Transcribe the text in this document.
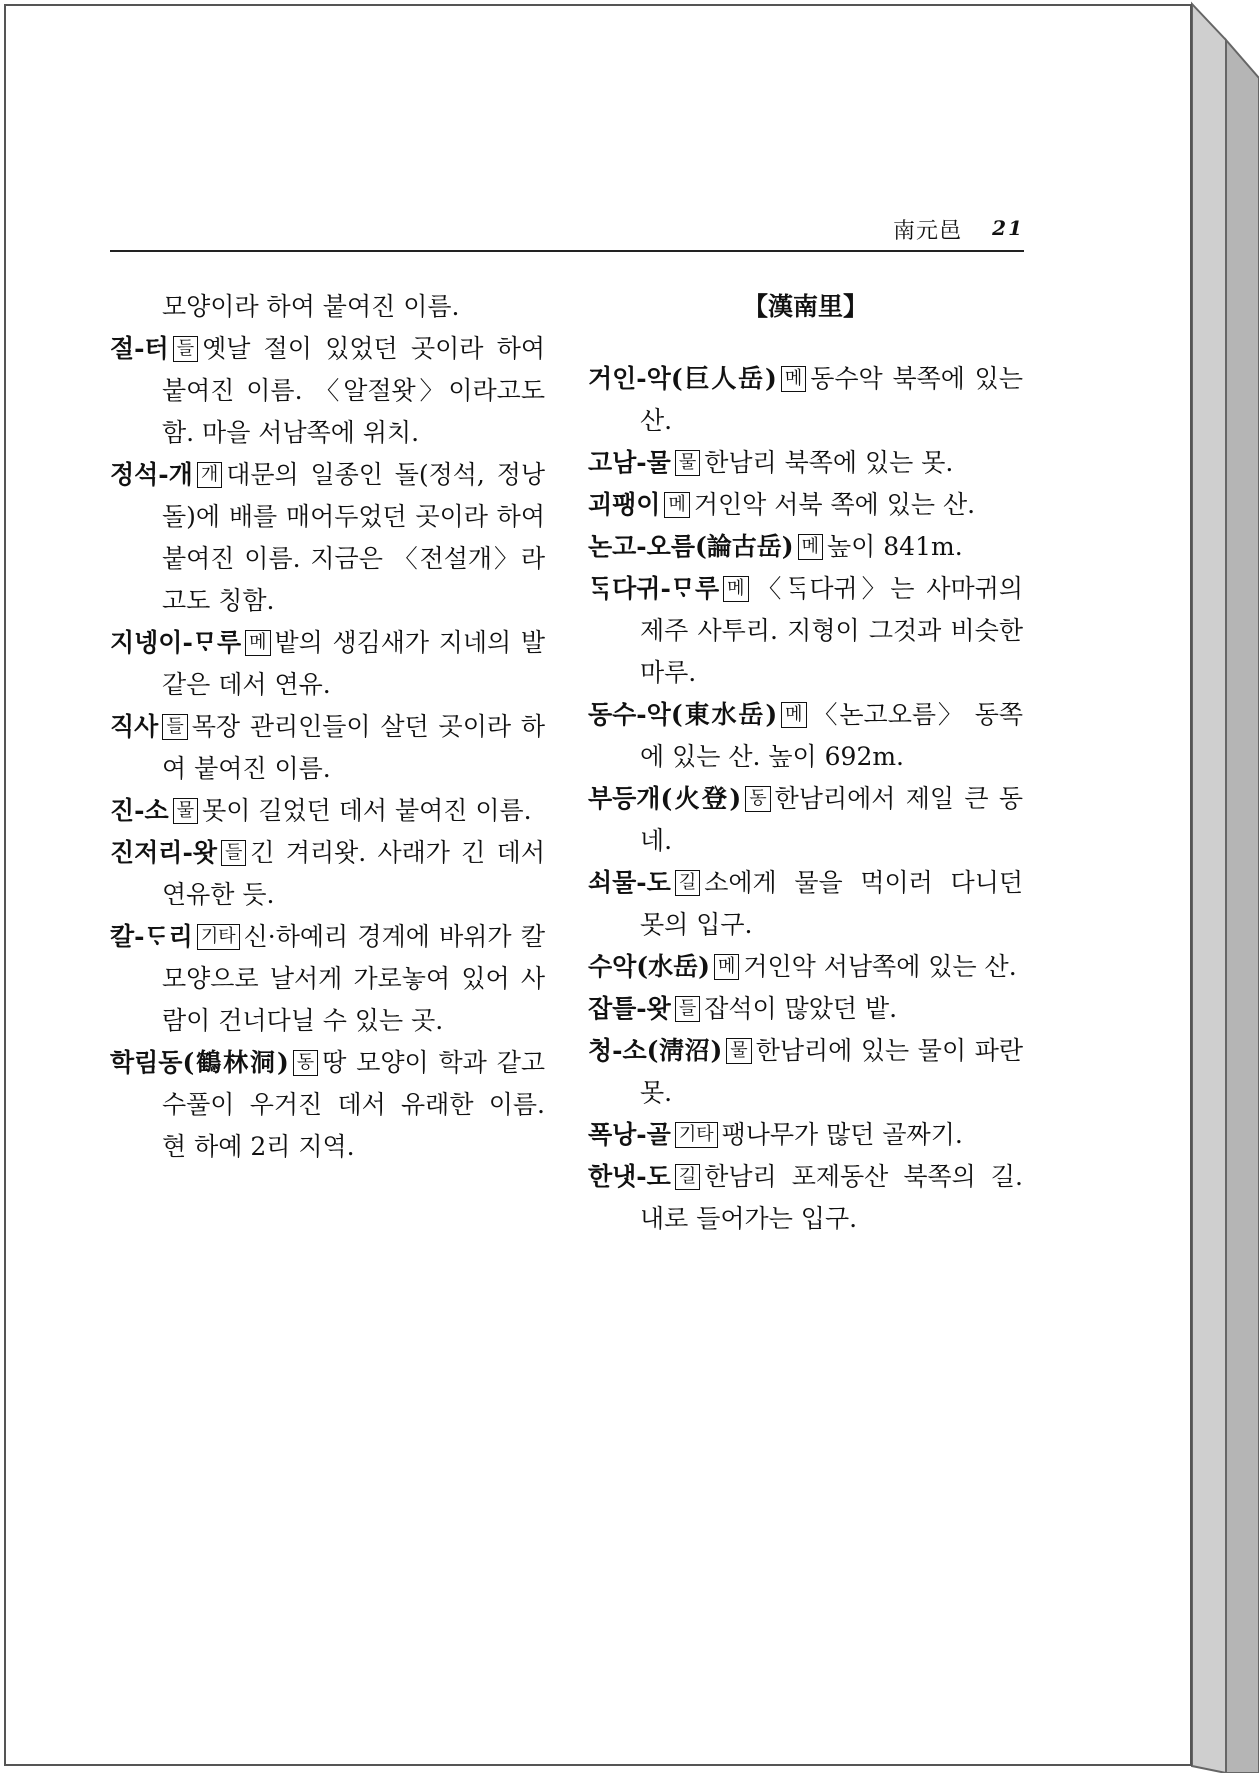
南元邑 21

모양이라 하여 붙여진 이름.

절-터 들 옛날 절이 있었던 곳이라 하여 붙여진 이름. 〈알절왓〉이라고도 함. 마을 서남쪽에 위치.

정석-개 개 대문의 일종인 돌(정석, 정낭돌)에 배를 매어두었던 곳이라 하여 붙여진 이름. 지금은 〈전설개〉라고도 칭함.

지넹이-ᄆᆞ루 메 밭의 생김새가 지네의 발 같은 데서 연유.

직사 들 목장 관리인들이 살던 곳이라 하여 붙여진 이름.

진-소 물 못이 길었던 데서 붙여진 이름.

진저리-왓 들 긴 겨리왓. 사래가 긴 데서 연유한 듯.

칼-ᄃᆞ리 기타 신·하예리 경계에 바위가 칼 모양으로 날서게 가로놓여 있어 사람이 건너다닐 수 있는 곳.

학림동(鶴林洞) 동 땅 모양이 학과 같고 수풀이 우거진 데서 유래한 이름. 현 하예 2리 지역.

【漢南里】

거인-악(巨人岳) 메 동수악 북쪽에 있는 산.

고남-물 물 한남리 북쪽에 있는 못.

괴팽이 메 거인악 서북 쪽에 있는 산.

논고-오름(論古岳) 메 높이 841m.

ᄃᆞᆨ다귀-ᄆᆞ루 메 〈ᄃᆞᆨ다귀〉는 사마귀의 제주 사투리. 지형이 그것과 비슷한 마루.

동수-악(東水岳) 메 〈논고오름〉 동쪽에 있는 산. 높이 692m.

부등개(火登) 동 한남리에서 제일 큰 동네.

쇠물-도 길 소에게 물을 먹이러 다니던 못의 입구.

수악(水岳) 메 거인악 서남쪽에 있는 산.

잡틀-왓 들 잡석이 많았던 밭.

청-소(淸沼) 물 한남리에 있는 물이 파란 못.

폭낭-골 기타 팽나무가 많던 골짜기.

한냇-도 길 한남리 포제동산 북쪽의 길. 내로 들어가는 입구.
